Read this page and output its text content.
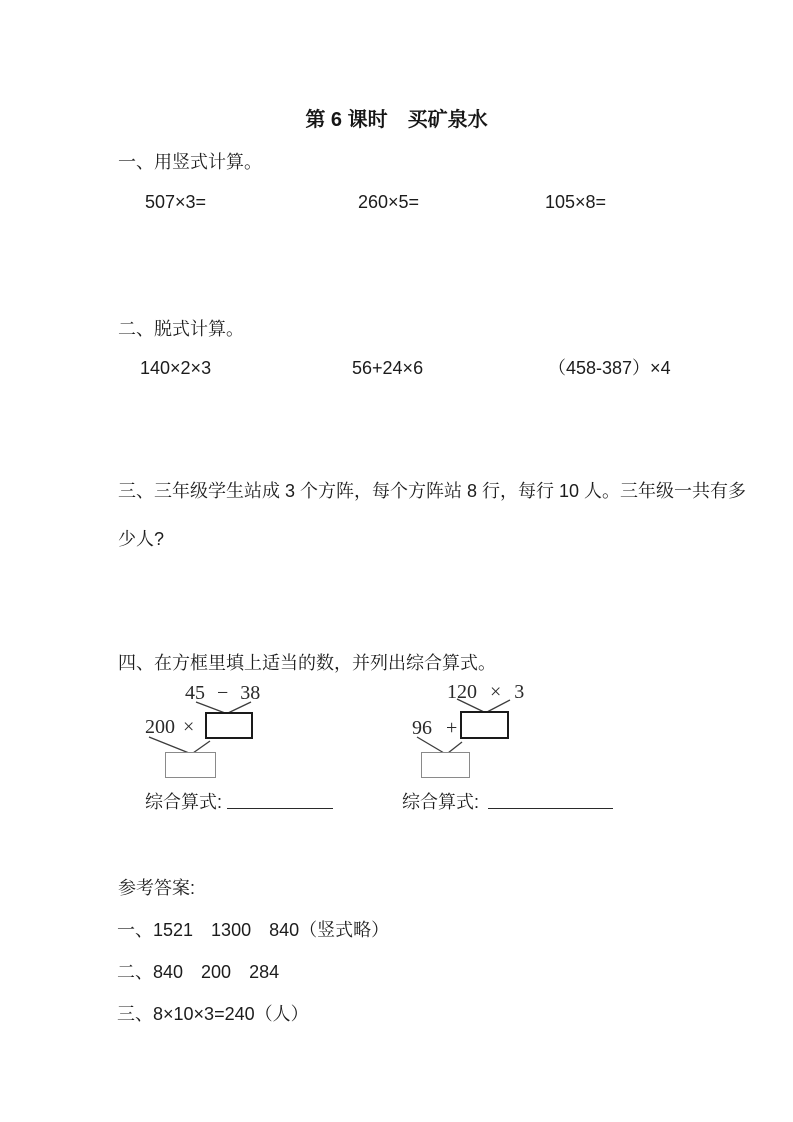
第 6 课时　买矿泉水
一、用竖式计算。
507×3=	260×5=	105×8=
二、脱式计算。
140×2×3	56+24×6	（458-387）×4
三、三年级学生站成 3 个方阵，每个方阵站 8 行，每行 10 人。三年级一共有多
少人?
四、在方框里填上适当的数，并列出综合算式。
45 − 38
200 ×
综合算式:
120 × 3
96 +
综合算式:
参考答案:
一、1521　1300　840（竖式略）
二、840　200　284
三、8×10×3=240（人）
